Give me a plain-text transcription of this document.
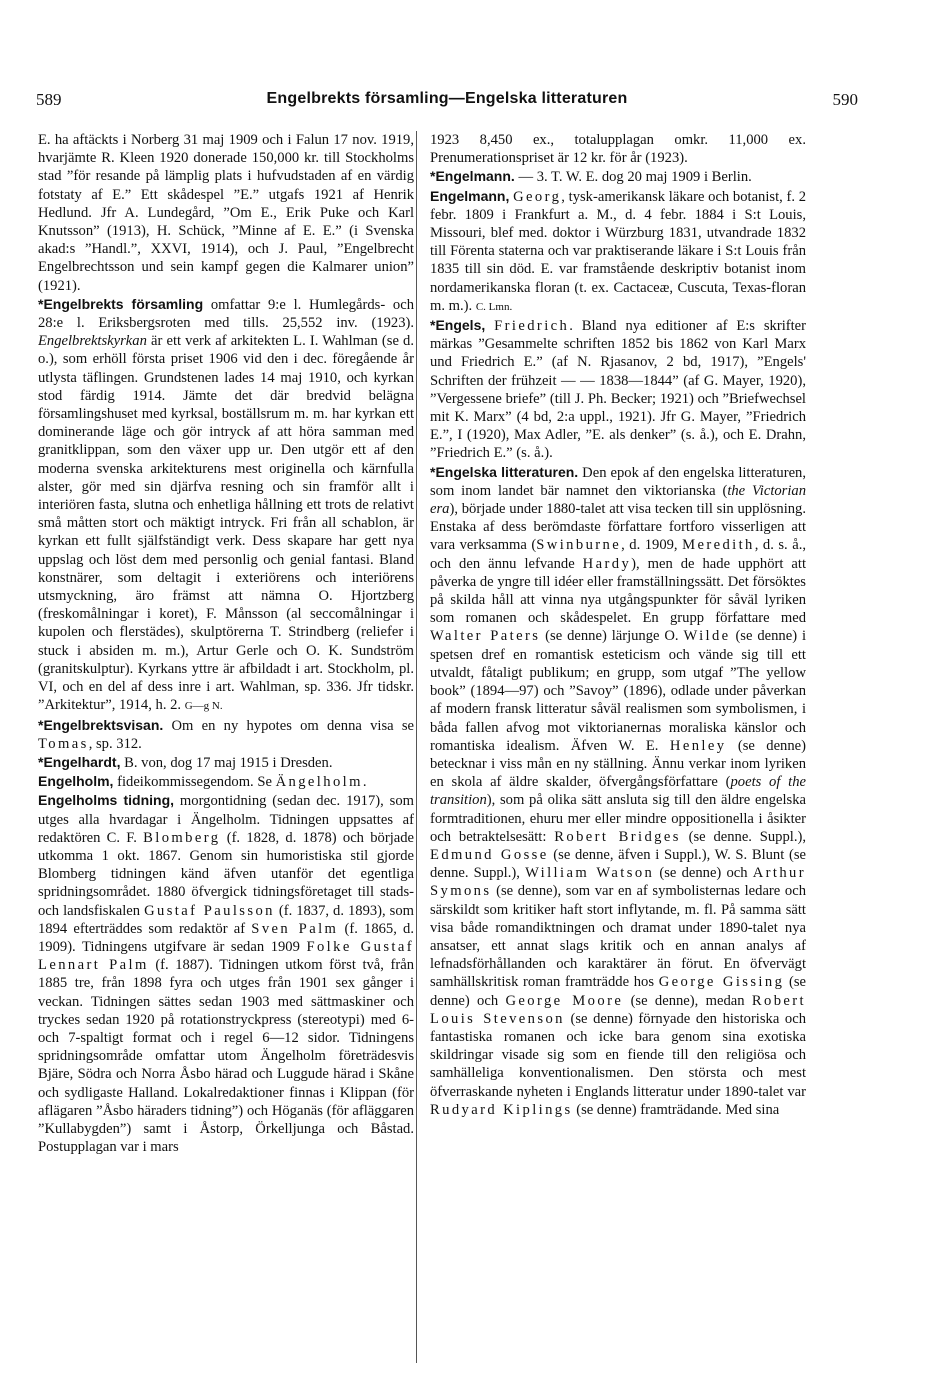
589	Engelbrekts församling—Engelska litteraturen	590

E. ha aftäckts i Norberg 31 maj 1909 och i Falun 17 nov. 1919, hvarjämte R. Kleen 1920 donerade 150,000 kr. till Stockholms stad ”för resande på lämplig plats i hufvudstaden af en värdig fotstaty af E.” Ett skådespel ”E.” utgafs 1921 af Henrik Hedlund. Jfr A. Lundegård, ”Om E., Erik Puke och Karl Knutsson” (1913), H. Schück, ”Minne af E. E.” (i Svenska akad:s ”Handl.”, XXVI, 1914), och J. Paul, ”Engelbrecht Engelbrechtsson und sein kampf gegen die Kalmarer union” (1921).

*Engelbrekts församling omfattar 9:e l. Humlegårds- och 28:e l. Eriksbergsroten med tills. 25,552 inv. (1923). Engelbrektskyrkan är ett verk af arkitekten L. I. Wahlman (se d. o.), som erhöll första priset 1906 vid den i dec. föregående år utlysta täflingen. Grundstenen lades 14 maj 1910, och kyrkan stod färdig 1914. Jämte det där bredvid belägna församlingshuset med kyrksal, boställsrum m. m. har kyrkan ett dominerande läge och gör intryck af att höra samman med granitklippan, som den växer upp ur. Den utgör ett af den moderna svenska arkitekturens mest originella och kärnfulla alster, gör med sin djärfva resning och sin framför allt i interiören fasta, slutna och enhetliga hållning ett trots de relativt små måtten stort och mäktigt intryck. Fri från all schablon, är kyrkan ett fullt själfständigt verk. Dess skapare har gett nya uppslag och löst dem med personlig och genial fantasi. Bland konstnärer, som deltagit i exteriörens och interiörens utsmyckning, äro främst att nämna O. Hjortzberg (freskomålningar i koret), F. Månsson (al seccomålningar i kupolen och flerstädes), skulptörerna T. Strindberg (reliefer i stuck i absiden m. m.), Artur Gerle och O. K. Sundström (granitskulptur). Kyrkans yttre är afbildadt i art. Stockholm, pl. VI, och en del af dess inre i art. Wahlman, sp. 336. Jfr tidskr. ”Arkitektur”, 1914, h. 2. G—g N.

*Engelbrektsvisan. Om en ny hypotes om denna visa se Tomas, sp. 312.

*Engelhardt, B. von, dog 17 maj 1915 i Dresden.

Engelholm, fideikommissegendom. Se Ängelholm.

Engelholms tidning, morgontidning (sedan dec. 1917), som utges alla hvardagar i Ängelholm. Tidningen uppsattes af redaktören C. F. Blomberg (f. 1828, d. 1878) och började utkomma 1 okt. 1867. Genom sin humoristiska stil gjorde Blomberg tidningen känd äfven utanför det egentliga spridningsområdet. 1880 öfvergick tidningsföretaget till stads- och landsfiskalen Gustaf Paulsson (f. 1837, d. 1893), som 1894 efterträddes som redaktör af Sven Palm (f. 1865, d. 1909). Tidningens utgifvare är sedan 1909 Folke Gustaf Lennart Palm (f. 1887). Tidningen utkom först två, från 1885 tre, från 1898 fyra och utges från 1901 sex gånger i veckan. Tidningen sättes sedan 1903 med sättmaskiner och tryckes sedan 1920 på rotationstryckpress (stereotypi) med 6- och 7-spaltigt format och i regel 6—12 sidor. Tidningens spridningsområde omfattar utom Ängelholm företrädesvis Bjäre, Södra och Norra Åsbo härad och Luggude härad i Skåne och sydligaste Halland. Lokalredaktioner finnas i Klippan (för aflägaren ”Åsbo häraders tidning”) och Höganäs (för afläggaren ”Kullabygden”) samt i Åstorp, Örkelljunga och Båstad. Postupplagan var i mars

1923 8,450 ex., totalupplagan omkr. 11,000 ex. Prenumerationspriset är 12 kr. för år (1923).

*Engelmann. — 3. T. W. E. dog 20 maj 1909 i Berlin.

Engelmann, Georg, tysk-amerikansk läkare och botanist, f. 2 febr. 1809 i Frankfurt a. M., d. 4 febr. 1884 i S:t Louis, Missouri, blef med. doktor i Würzburg 1831, utvandrade 1832 till Förenta staterna och var praktiserande läkare i S:t Louis från 1835 till sin död. E. var framstående deskriptiv botanist inom nordamerikanska floran (t. ex. Cactaceæ, Cuscuta, Texas-floran m. m.). C. Lmn.

*Engels, Friedrich. Bland nya editioner af E:s skrifter märkas ”Gesammelte schriften 1852 bis 1862 von Karl Marx und Friedrich E.” (af N. Rjasanov, 2 bd, 1917), ”Engels' Schriften der frühzeit — — 1838—1844” (af G. Mayer, 1920), ”Vergessene briefe” (till J. Ph. Becker; 1921) och ”Briefwechsel mit K. Marx” (4 bd, 2:a uppl., 1921). Jfr G. Mayer, ”Friedrich E.”, I (1920), Max Adler, ”E. als denker” (s. å.), och E. Drahn, ”Friedrich E.” (s. å.).

*Engelska litteraturen. Den epok af den engelska litteraturen, som inom landet bär namnet den viktorianska (the Victorian era), började under 1880-talet att visa tecken till sin upplösning. Enstaka af dess berömdaste författare fortforo visserligen att vara verksamma (Swinburne, d. 1909, Meredith, d. s. å., och den ännu lefvande Hardy), men de hade upphört att påverka de yngre till idéer eller framställningssätt. Det försöktes på skilda håll att vinna nya utgångspunkter för såväl lyriken som romanen och skådespelet. En grupp författare med Walter Paters (se denne) lärjunge O. Wilde (se denne) i spetsen dref en romantisk esteticism och vände sig till ett utvaldt, fåtaligt publikum; en grupp, som utgaf ”The yellow book” (1894—97) och ”Savoy” (1896), odlade under påverkan af modern fransk litteratur såväl realismen som symbolismen, i båda fallen afvog mot viktorianernas moraliska känslor och romantiska idealism. Äfven W. E. Henley (se denne) betecknar i viss mån en ny ställning. Ännu verkar inom lyriken en skola af äldre skalder, öfvergångsförfattare (poets of the transition), som på olika sätt ansluta sig till den äldre engelska formtraditionen, ehuru mer eller mindre oppositionella i åsikter och betraktelsesätt: Robert Bridges (se denne. Suppl.), Edmund Gosse (se denne, äfven i Suppl.), W. S. Blunt (se denne. Suppl.), William Watson (se denne) och Arthur Symons (se denne), som var en af symbolisternas ledare och särskildt som kritiker haft stort inflytande, m. fl. På samma sätt visa både romandiktningen och dramat under 1890-talet nya ansatser, ett annat slags kritik och en annan analys af lefnadsförhållanden och karaktärer än förut. En öfvervägt samhällskritisk roman framträdde hos George Gissing (se denne) och George Moore (se denne), medan Robert Louis Stevenson (se denne) förnyade den historiska och fantastiska romanen och icke bara genom sina exotiska skildringar visade sig som en fiende till den religiösa och samhälleliga konventionalismen. Den största och mest öfverraskande nyheten i Englands litteratur under 1890-talet var Rudyard Kiplings (se denne) framträdande. Med sina
